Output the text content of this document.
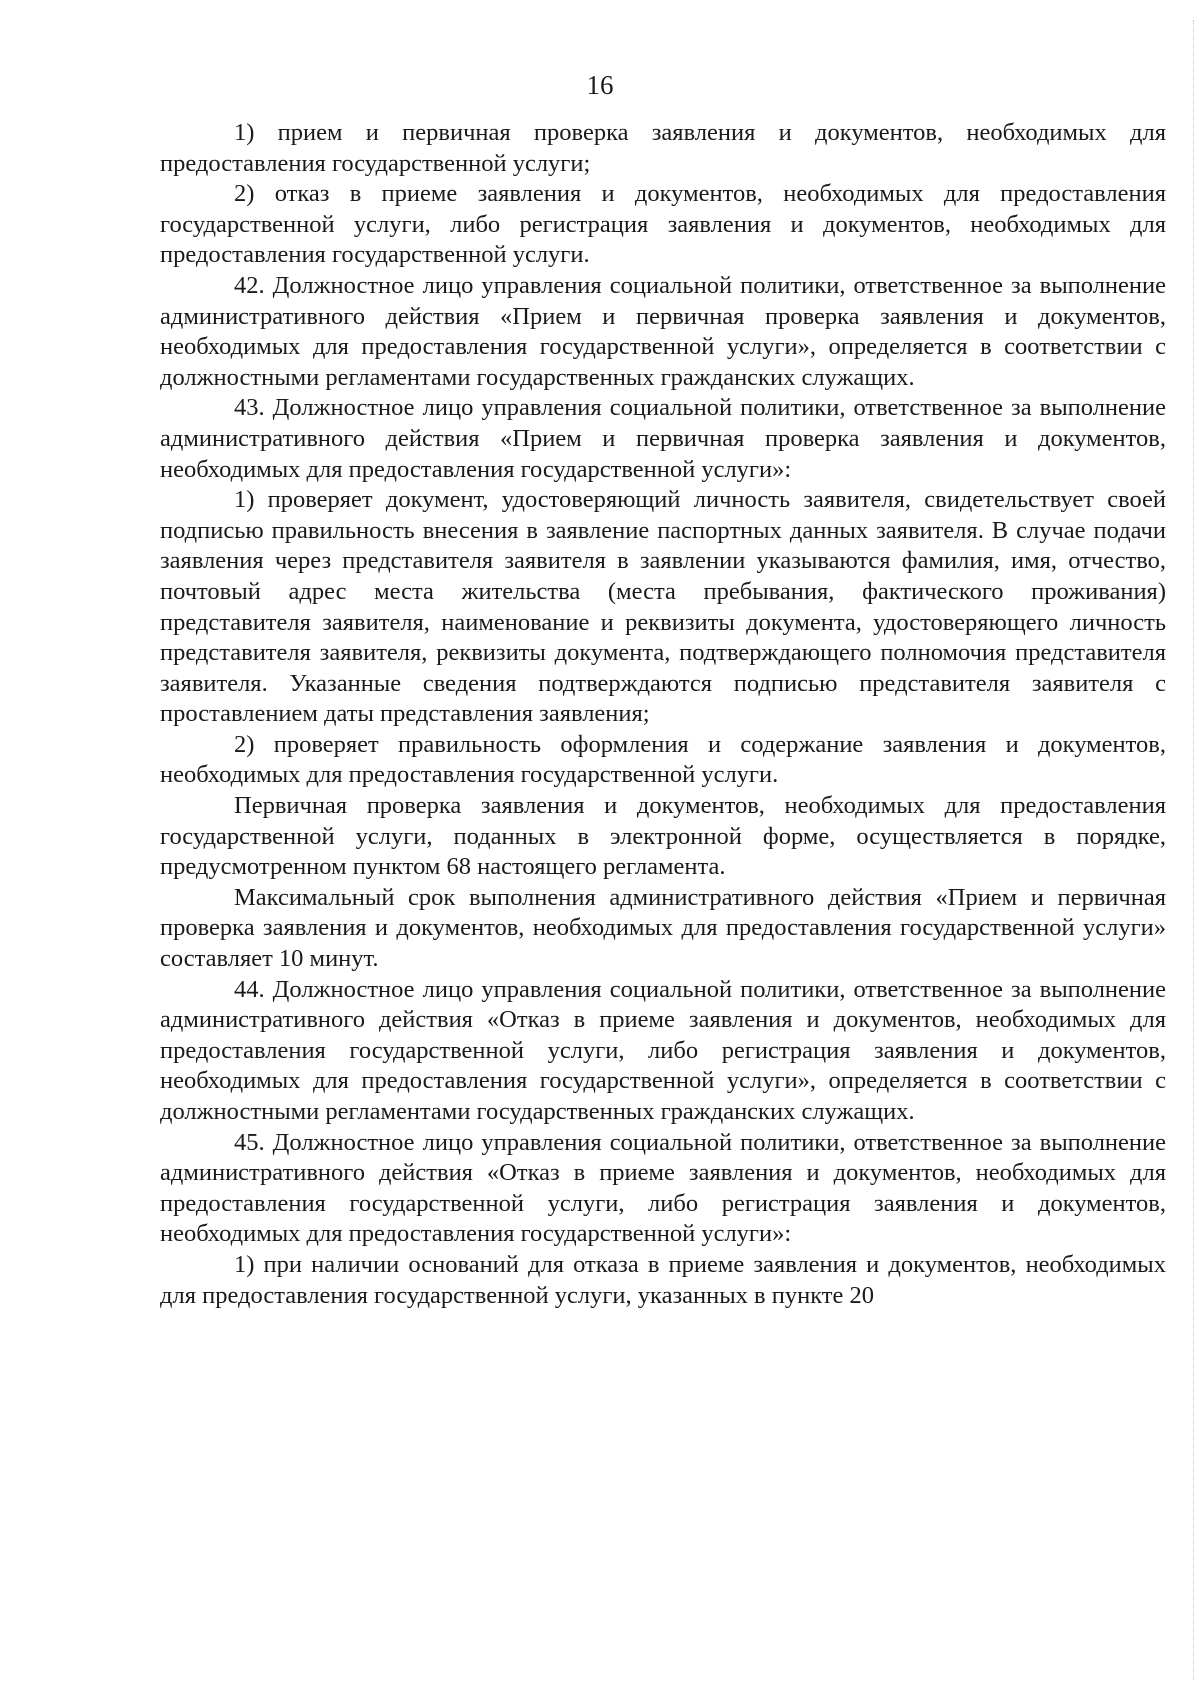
16

1) прием и первичная проверка заявления и документов, необходимых для предоставления государственной услуги;

2) отказ в приеме заявления и документов, необходимых для предоставления государственной услуги, либо регистрация заявления и документов, необходимых для предоставления государственной услуги.

42. Должностное лицо управления социальной политики, ответственное за выполнение административного действия «Прием и первичная проверка заявления и документов, необходимых для предоставления государственной услуги», определяется в соответствии с должностными регламентами государственных гражданских служащих.

43. Должностное лицо управления социальной политики, ответственное за выполнение административного действия «Прием и первичная проверка заявления и документов, необходимых для предоставления государственной услуги»:

1) проверяет документ, удостоверяющий личность заявителя, свидетельствует своей подписью правильность внесения в заявление паспортных данных заявителя. В случае подачи заявления через представителя заявителя в заявлении указываются фамилия, имя, отчество, почтовый адрес места жительства (места пребывания, фактического проживания) представителя заявителя, наименование и реквизиты документа, удостоверяющего личность представителя заявителя, реквизиты документа, подтверждающего полномочия представителя заявителя. Указанные сведения подтверждаются подписью представителя заявителя с проставлением даты представления заявления;

2) проверяет правильность оформления и содержание заявления и документов, необходимых для предоставления государственной услуги.

Первичная проверка заявления и документов, необходимых для предоставления государственной услуги, поданных в электронной форме, осуществляется в порядке, предусмотренном пунктом 68 настоящего регламента.

Максимальный срок выполнения административного действия «Прием и первичная проверка заявления и документов, необходимых для предоставления государственной услуги» составляет 10 минут.

44. Должностное лицо управления социальной политики, ответственное за выполнение административного действия «Отказ в приеме заявления и документов, необходимых для предоставления государственной услуги, либо регистрация заявления и документов, необходимых для предоставления государственной услуги», определяется в соответствии с должностными регламентами государственных гражданских служащих.

45. Должностное лицо управления социальной политики, ответственное за выполнение административного действия «Отказ в приеме заявления и документов, необходимых для предоставления государственной услуги, либо регистрация заявления и документов, необходимых для предоставления государственной услуги»:

1) при наличии оснований для отказа в приеме заявления и документов, необходимых для предоставления государственной услуги, указанных в пункте 20
